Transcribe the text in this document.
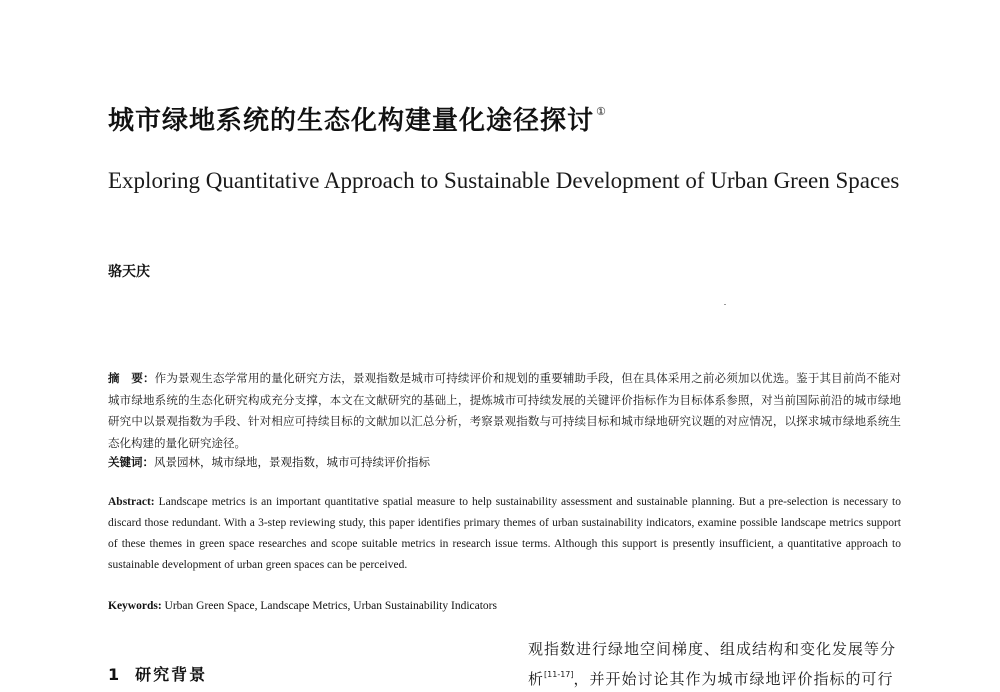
城市绿地系统的生态化构建量化途径探讨 ①
Exploring Quantitative Approach to Sustainable Development of Urban Green Spaces
骆天庆
摘　要：作为景观生态学常用的量化研究方法，景观指数是城市可持续评价和规划的重要辅助手段，但在具体采用之前必须加以优选。鉴于其目前尚不能对城市绿地系统的生态化研究构成充分支撑，本文在文献研究的基础上，提炼城市可持续发展的关键评价指标作为目标体系参照，对当前国际前沿的城市绿地研究中以景观指数为手段、针对相应可持续目标的文献加以汇总分析，考察景观指数与可持续目标和城市绿地研究议题的对应情况，以探求城市绿地系统生态化构建的量化研究途径。
关键词：风景园林，城市绿地，景观指数，城市可持续评价指标
Abstract: Landscape metrics is an important quantitative spatial measure to help sustainability assessment and sustainable planning. But a pre-selection is necessary to discard those redundant. With a 3-step reviewing study, this paper identifies primary themes of urban sustainability indicators, examine possible landscape metrics support of these themes in green space researches and scope suitable metrics in research issue terms. Although this support is presently insufficient, a quantitative approach to sustainable development of urban green spaces can be perceived.
Keywords: Urban Green Space, Landscape Metrics, Urban Sustainability Indicators
1 研究背景
观指数进行绿地空间梯度、组成结构和变化发展等分
析[11-17]，并开始讨论其作为城市绿地评价指标的可行
